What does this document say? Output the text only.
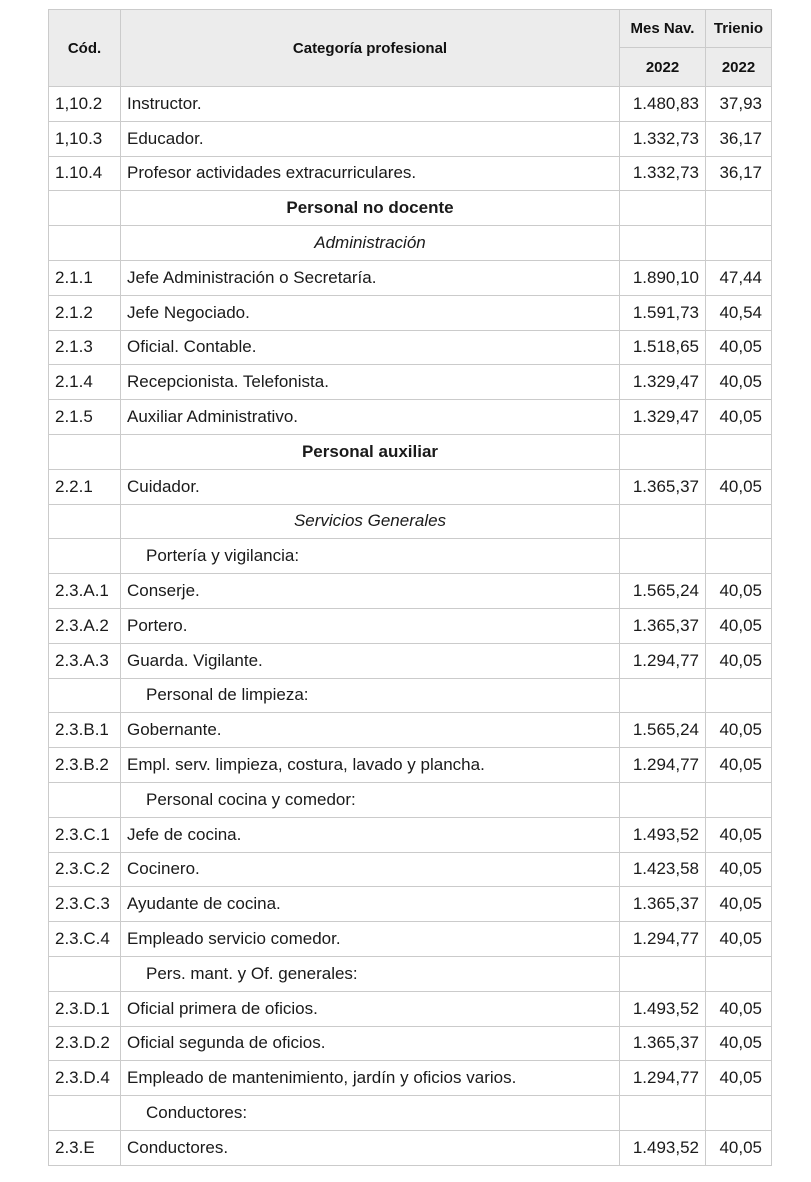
Cód.	Categoría profesional	Mes Nav.	Trienio
		2022	2022
1,10.2	Instructor.	1.480,83	37,93
1,10.3	Educador.	1.332,73	36,17
1.10.4	Profesor actividades extracurriculares.	1.332,73	36,17
	Personal no docente		
	Administración		
2.1.1	Jefe Administración o Secretaría.	1.890,10	47,44
2.1.2	Jefe Negociado.	1.591,73	40,54
2.1.3	Oficial. Contable.	1.518,65	40,05
2.1.4	Recepcionista. Telefonista.	1.329,47	40,05
2.1.5	Auxiliar Administrativo.	1.329,47	40,05
	Personal auxiliar		
2.2.1	Cuidador.	1.365,37	40,05
	Servicios Generales		
	Portería y vigilancia:		
2.3.A.1	Conserje.	1.565,24	40,05
2.3.A.2	Portero.	1.365,37	40,05
2.3.A.3	Guarda. Vigilante.	1.294,77	40,05
	Personal de limpieza:		
2.3.B.1	Gobernante.	1.565,24	40,05
2.3.B.2	Empl. serv. limpieza, costura, lavado y plancha.	1.294,77	40,05
	Personal cocina y comedor:		
2.3.C.1	Jefe de cocina.	1.493,52	40,05
2.3.C.2	Cocinero.	1.423,58	40,05
2.3.C.3	Ayudante de cocina.	1.365,37	40,05
2.3.C.4	Empleado servicio comedor.	1.294,77	40,05
	Pers. mant. y Of. generales:		
2.3.D.1	Oficial primera de oficios.	1.493,52	40,05
2.3.D.2	Oficial segunda de oficios.	1.365,37	40,05
2.3.D.4	Empleado de mantenimiento, jardín y oficios varios.	1.294,77	40,05
	Conductores:		
2.3.E	Conductores.	1.493,52	40,05
